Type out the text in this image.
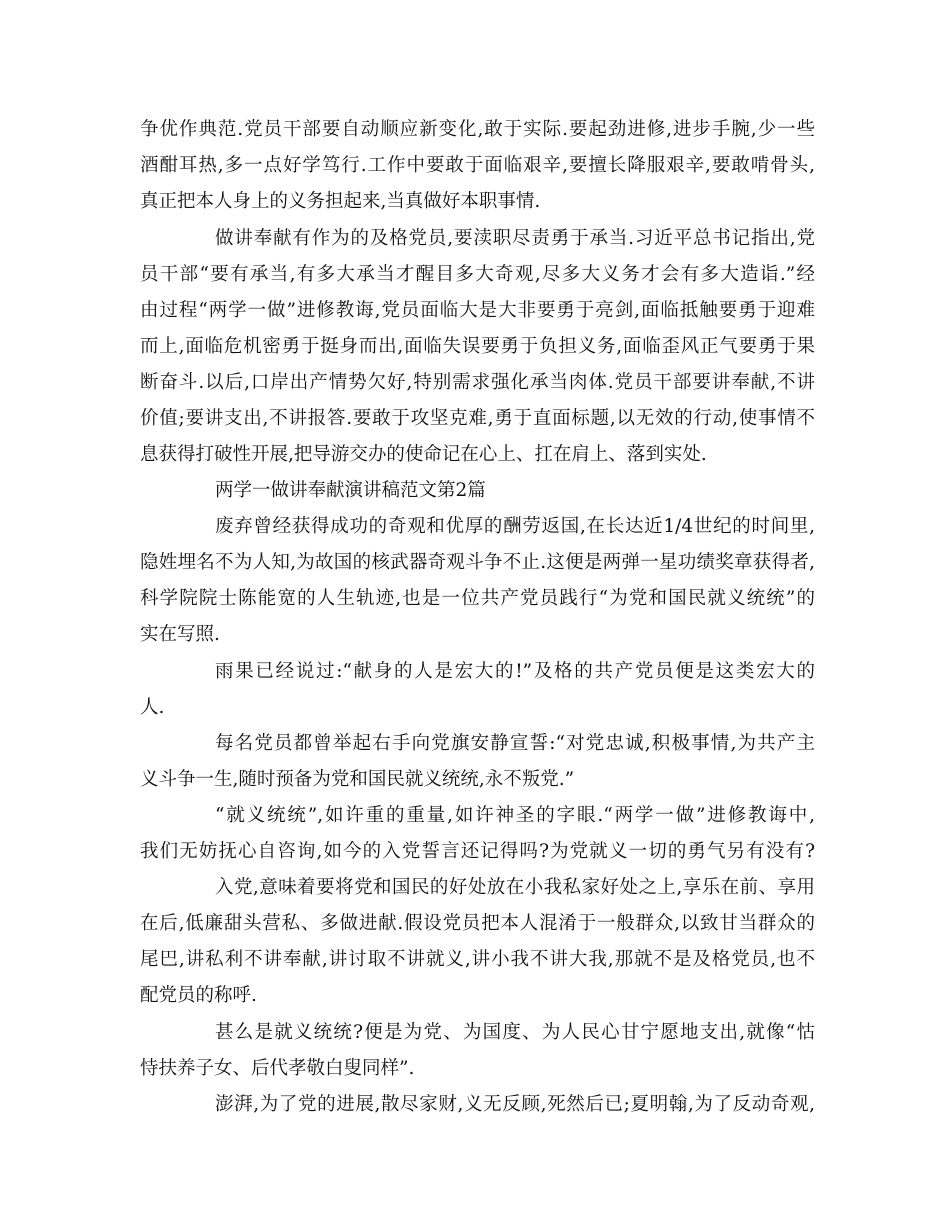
争优作典范.党员干部要自动顺应新变化,敢于实际.要起劲进修,进步手腕,少一些
酒酣耳热,多一点好学笃行.工作中要敢于面临艰辛,要擅长降服艰辛,要敢啃骨头,
真正把本人身上的义务担起来,当真做好本职事情.
做讲奉献有作为的及格党员,要渎职尽责勇于承当.习近平总书记指出,党
员干部“要有承当,有多大承当才醒目多大奇观,尽多大义务才会有多大造诣.”经
由过程“两学一做”进修教诲,党员面临大是大非要勇于亮剑,面临抵触要勇于迎难
而上,面临危机密勇于挺身而出,面临失误要勇于负担义务,面临歪风正气要勇于果
断奋斗.以后,口岸出产情势欠好,特别需求强化承当肉体.党员干部要讲奉献,不讲
价值;要讲支出,不讲报答.要敢于攻坚克难,勇于直面标题,以无效的行动,使事情不
息获得打破性开展,把导游交办的使命记在心上、扛在肩上、落到实处.
两学一做讲奉献演讲稿范文第2篇
废弃曾经获得成功的奇观和优厚的酬劳返国,在长达近1/4世纪的时间里,
隐姓埋名不为人知,为故国的核武器奇观斗争不止.这便是两弹一星功绩奖章获得者,
科学院院士陈能宽的人生轨迹,也是一位共产党员践行“为党和国民就义统统”的
实在写照.
雨果已经说过:“献身的人是宏大的!”及格的共产党员便是这类宏大的
人.
每名党员都曾举起右手向党旗安静宣誓:“对党忠诚,积极事情,为共产主
义斗争一生,随时预备为党和国民就义统统,永不叛党.”
“就义统统”,如许重的重量,如许神圣的字眼.“两学一做”进修教诲中,
我们无妨抚心自咨询,如今的入党誓言还记得吗?为党就义一切的勇气另有没有?
入党,意味着要将党和国民的好处放在小我私家好处之上,享乐在前、享用
在后,低廉甜头营私、多做进献.假设党员把本人混淆于一般群众,以致甘当群众的
尾巴,讲私利不讲奉献,讲讨取不讲就义,讲小我不讲大我,那就不是及格党员,也不
配党员的称呼.
甚么是就义统统?便是为党、为国度、为人民心甘宁愿地支出,就像“怙
恃扶养子女、后代孝敬白叟同样”.
澎湃,为了党的进展,散尽家财,义无反顾,死然后已;夏明翰,为了反动奇观,
